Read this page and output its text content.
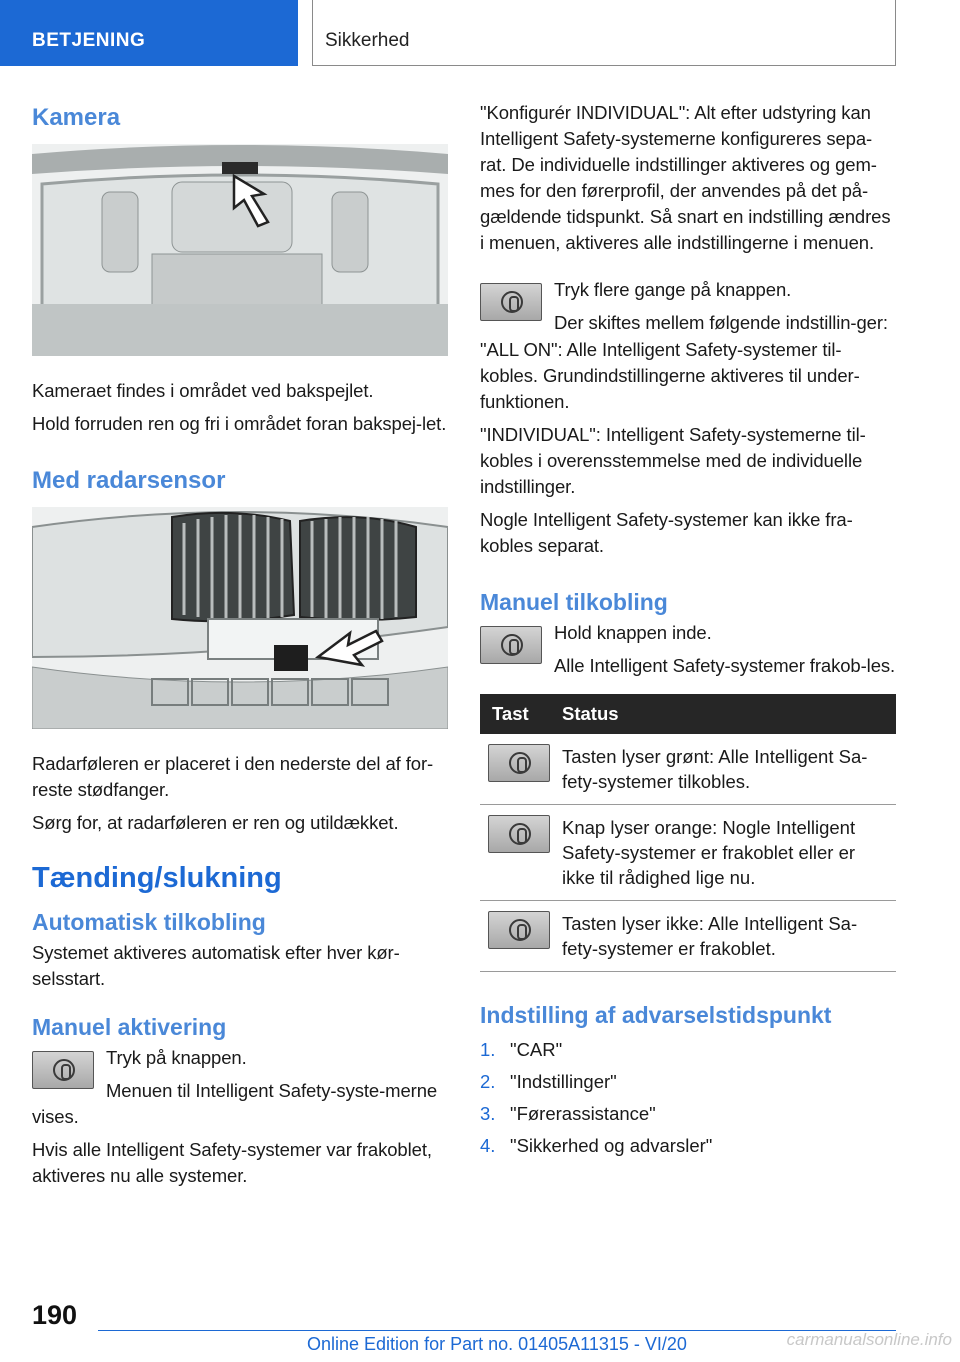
BETJENING	Sikkerhed
Kamera

Kameraet findes i området ved bakspejlet.

Hold forruden ren og fri i området foran bakspej‐let.

Med radarsensor

Radarføleren er placeret i den nederste del af for‐reste stødfanger.

Sørg for, at radarføleren er ren og utildækket.

Tænding/slukning
Automatisk tilkobling

Systemet aktiveres automatisk efter hver kør‐selsstart.

Manuel aktivering

Tryk på knappen.

Menuen til Intelligent Safety-syste‐merne vises.

Hvis alle Intelligent Safety-systemer var frakoblet, aktiveres nu alle systemer.

"Konfigurér INDIVIDUAL": Alt efter udstyring kan Intelligent Safety-systemerne konfigureres sepa‐rat. De individuelle indstillinger aktiveres og gem‐mes for den førerprofil, der anvendes på det på‐gældende tidspunkt. Så snart en indstilling ændres i menuen, aktiveres alle indstillingerne i menuen.

Tryk flere gange på knappen.

Der skiftes mellem følgende indstillin‐ger:

"ALL ON": Alle Intelligent Safety-systemer til‐kobles. Grundindstillingerne aktiveres til under‐funktionen.

"INDIVIDUAL": Intelligent Safety-systemerne til‐kobles i overensstemmelse med de individuelle indstillinger.

Nogle Intelligent Safety-systemer kan ikke fra‐kobles separat.

Manuel tilkobling

Hold knappen inde.

Alle Intelligent Safety-systemer frakob‐les.

Tast	Status

	Tasten lyser grønt: Alle Intelligent Sa‐fety-systemer tilkobles.

	Knap lyser orange: Nogle Intelligent Safety-systemer er frakoblet eller er ikke til rådighed lige nu.

	Tasten lyser ikke: Alle Intelligent Sa‐fety-systemer er frakoblet.
Indstilling af advarselstidspunkt
1. "CAR"
2. "Indstillinger"
3. "Førerassistance"
4. "Sikkerhed og advarsler"
190
Online Edition for Part no. 01405A11315 - VI/20	carmanualsonline.info
